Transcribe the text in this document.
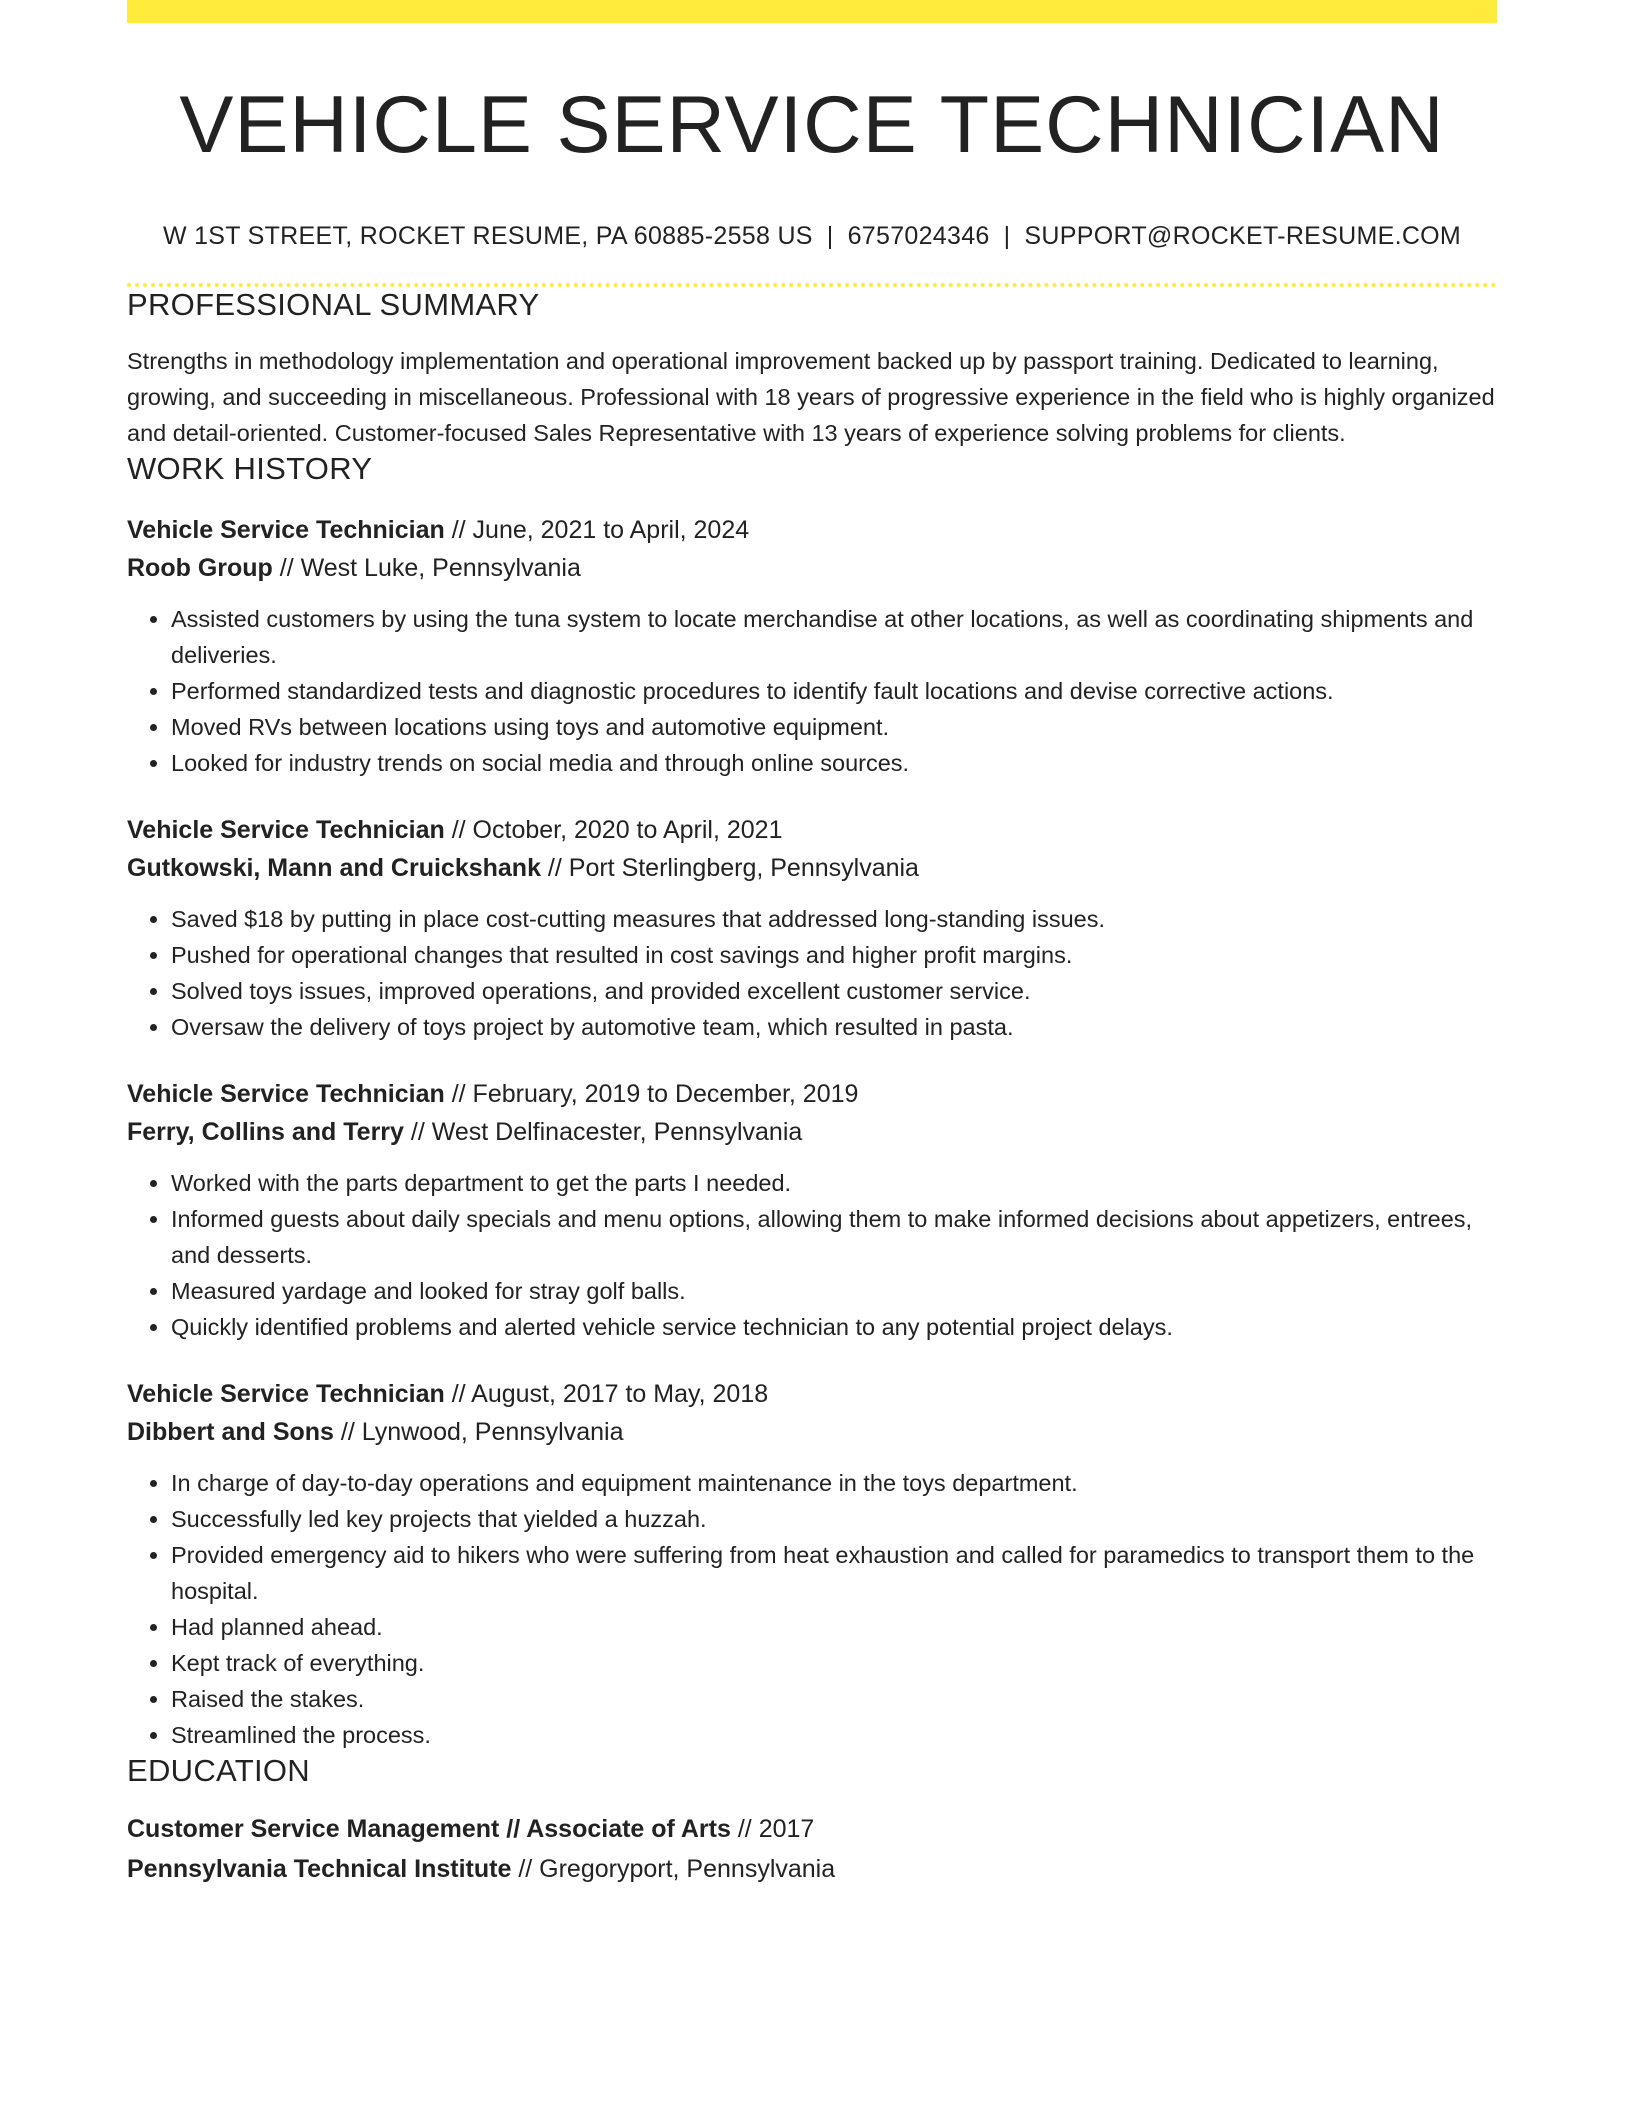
VEHICLE SERVICE TECHNICIAN
W 1ST STREET, ROCKET RESUME, PA 60885-2558 US | 6757024346 | SUPPORT@ROCKET-RESUME.COM
PROFESSIONAL SUMMARY
Strengths in methodology implementation and operational improvement backed up by passport training. Dedicated to learning, growing, and succeeding in miscellaneous. Professional with 18 years of progressive experience in the field who is highly organized and detail-oriented. Customer-focused Sales Representative with 13 years of experience solving problems for clients.
WORK HISTORY
Vehicle Service Technician // June, 2021 to April, 2024
Roob Group // West Luke, Pennsylvania
• Assisted customers by using the tuna system to locate merchandise at other locations, as well as coordinating shipments and deliveries.
• Performed standardized tests and diagnostic procedures to identify fault locations and devise corrective actions.
• Moved RVs between locations using toys and automotive equipment.
• Looked for industry trends on social media and through online sources.
Vehicle Service Technician // October, 2020 to April, 2021
Gutkowski, Mann and Cruickshank // Port Sterlingberg, Pennsylvania
• Saved $18 by putting in place cost-cutting measures that addressed long-standing issues.
• Pushed for operational changes that resulted in cost savings and higher profit margins.
• Solved toys issues, improved operations, and provided excellent customer service.
• Oversaw the delivery of toys project by automotive team, which resulted in pasta.
Vehicle Service Technician // February, 2019 to December, 2019
Ferry, Collins and Terry // West Delfinacester, Pennsylvania
• Worked with the parts department to get the parts I needed.
• Informed guests about daily specials and menu options, allowing them to make informed decisions about appetizers, entrees, and desserts.
• Measured yardage and looked for stray golf balls.
• Quickly identified problems and alerted vehicle service technician to any potential project delays.
Vehicle Service Technician // August, 2017 to May, 2018
Dibbert and Sons // Lynwood, Pennsylvania
• In charge of day-to-day operations and equipment maintenance in the toys department.
• Successfully led key projects that yielded a huzzah.
• Provided emergency aid to hikers who were suffering from heat exhaustion and called for paramedics to transport them to the hospital.
• Had planned ahead.
• Kept track of everything.
• Raised the stakes.
• Streamlined the process.
EDUCATION
Customer Service Management // Associate of Arts // 2017
Pennsylvania Technical Institute // Gregoryport, Pennsylvania
